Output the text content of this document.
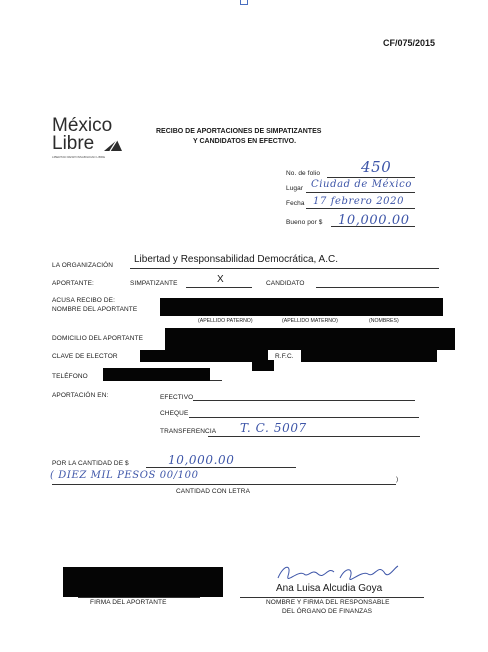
CF/075/2015
México
Libre
LIBERTAD RESPONSABILIDAD LIBRE
RECIBO DE APORTACIONES DE SIMPATIZANTES
Y CANDIDATOS EN EFECTIVO.
No. de folio	450
Lugar Ciudad de México
Fecha 17 febrero 2020
Bueno por $ 10,000.00
LA ORGANIZACIÓN
Libertad y Responsabilidad Democrática, A.C.
APORTANTE:	SIMPATIZANTE	X	CANDIDATO
ACUSA RECIBO DE:
NOMBRE DEL APORTANTE
(APELLIDO PATERNO)	(APELLIDO MATERNO)	(NOMBRES)
DOMICILIO DEL APORTANTE
CLAVE DE ELECTOR	R.F.C.
TELÉFONO
APORTACIÓN EN:	EFECTIVO
CHEQUE
TRANSFERENCIA T. C. 5007
POR LA CANTIDAD DE $	10,000.00
( DIEZ MIL PESOS 00/100	)
CANTIDAD CON LETRA
FIRMA DEL APORTANTE
Ana Luisa Alcudia Goya
NOMBRE Y FIRMA DEL RESPONSABLE
DEL ÓRGANO DE FINANZAS
